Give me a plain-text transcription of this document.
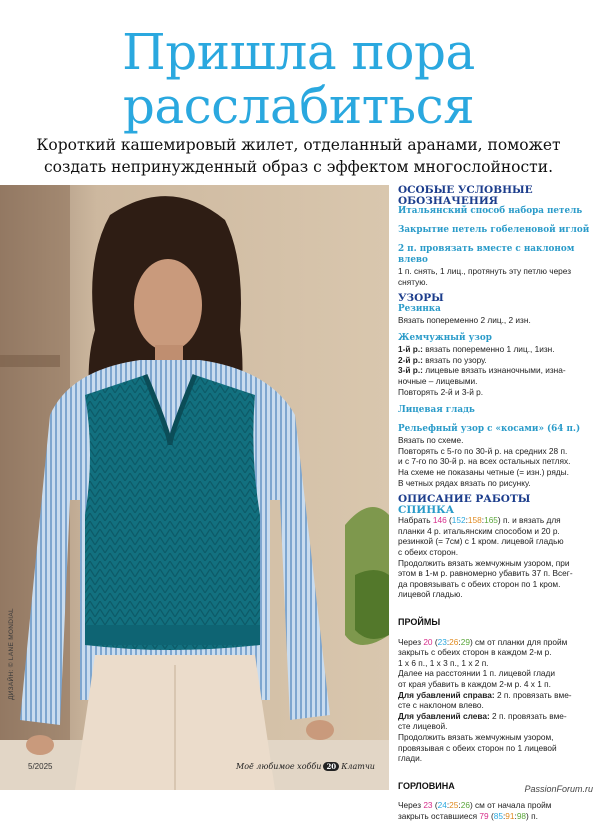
Пришла пора
расслабиться
Короткий кашемировый жилет, отделанный аранами, поможет
создать непринужденный образ с эффектом многослойности.
ДИЗАЙН: © LANE MONDIAL
5/2025	Моё любимое хобби 20 Клатчи

ОСОБЫЕ УСЛОВНЫЕ

ОБОЗНАЧЕНИЯ

Итальянский способ набора петель

Закрытие петель гобеленовой иглой

2 п. провязать вместе с наклоном влево

1 п. снять, 1 лиц., протянуть эту петлю через

снятую.

УЗОРЫ

Резинка

Вязать попеременно 2 лиц., 2 изн.

Жемчужный узор

1-й р.: вязать попеременно 1 лиц., 1изн.

2-й р.: вязать по узору.

3-й р.: лицевые вязать изнаночными, изна-

ночные – лицевыми.

Повторять 2-й и 3-й р.

Лицевая гладь

Рельефный узор с «косами» (64 п.)

Вязать по схеме.

Повторять с 5-го по 30-й р. на средних 28 п.

и с 7-го по 30-й р. на всех остальных петлях.

На схеме не показаны четные (= изн.) ряды.

В четных рядах вязать по рисунку.

ОПИСАНИЕ РАБОТЫ

СПИНКА

Набрать 146 (152:158:165) п. и вязать для

планки 4 р. итальянским способом и 20 р.

резинкой (= 7см) с 1 кром. лицевой гладью

с обеих сторон.

Продолжить вязать жемчужным узором, при

этом в 1-м р. равномерно убавить 37 п. Всег-

да провязывать с обеих сторон по 1 кром.

лицевой гладью.

ПРОЙМЫ

Через 20 (23:26:29) см от планки для пройм

закрыть с обеих сторон в каждом 2-м р.

1 х 6 п., 1 х 3 п., 1 х 2 п.

Далее на расстоянии 1 п. лицевой глади

от края убавить в каждом 2-м р. 4 х 1 п.

Для убавлений справа: 2 п. провязать вме-

сте с наклоном влево.

Для убавлений слева: 2 п. провязать вме-

сте лицевой.

Продолжить вязать жемчужным узором,

провязывая с обеих сторон по 1 лицевой

глади.

ГОРЛОВИНА

Через 23 (24:25:26) см от начала пройм

закрыть оставшиеся 79 (85:91:98) п.

PassionForum.ru
